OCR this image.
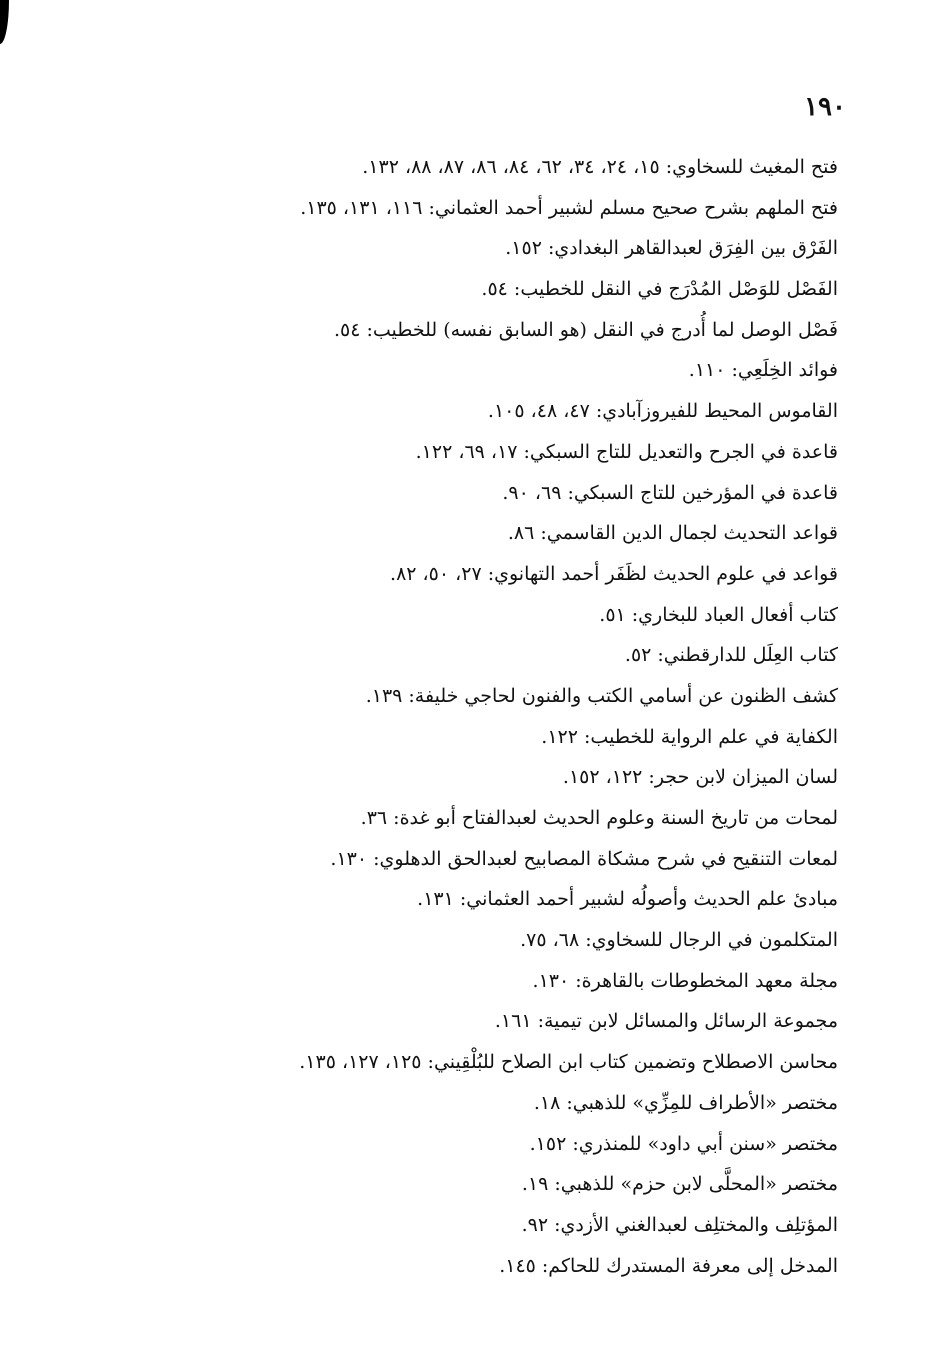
١٩٠
فتح المغيث للسخاوي: ١٥، ٢٤، ٣٤، ٦٢، ٨٤، ٨٦، ٨٧، ٨٨، ١٣٢.
فتح الملهم بشرح صحيح مسلم لشبير أحمد العثماني: ١١٦، ١٣١، ١٣٥.
الفَرْق بين الفِرَق لعبدالقاهر البغدادي: ١٥٢.
الفَصْل للوَصْل المُدْرَج في النقل للخطيب: ٥٤.
فَصْل الوصل لما أُدرج في النقل (هو السابق نفسه) للخطيب: ٥٤.
فوائد الخِلَعِي: ١١٠.
القاموس المحيط للفيروزآبادي: ٤٧، ٤٨، ١٠٥.
قاعدة في الجرح والتعديل للتاج السبكي: ١٧، ٦٩، ١٢٢.
قاعدة في المؤرخين للتاج السبكي: ٦٩، ٩٠.
قواعد التحديث لجمال الدين القاسمي: ٨٦.
قواعد في علوم الحديث لظَفَر أحمد التهانوي: ٢٧، ٥٠، ٨٢.
كتاب أفعال العباد للبخاري: ٥١.
كتاب العِلَل للدارقطني: ٥٢.
كشف الظنون عن أسامي الكتب والفنون لحاجي خليفة: ١٣٩.
الكفاية في علم الرواية للخطيب: ١٢٢.
لسان الميزان لابن حجر: ١٢٢، ١٥٢.
لمحات من تاريخ السنة وعلوم الحديث لعبدالفتاح أبو غدة: ٣٦.
لمعات التنقيح في شرح مشكاة المصابيح لعبدالحق الدهلوي: ١٣٠.
مبادئ علم الحديث وأصولُه لشبير أحمد العثماني: ١٣١.
المتكلمون في الرجال للسخاوي: ٦٨، ٧٥.
مجلة معهد المخطوطات بالقاهرة: ١٣٠.
مجموعة الرسائل والمسائل لابن تيمية: ١٦١.
محاسن الاصطلاح وتضمين كتاب ابن الصلاح للبُلْقِيني: ١٢٥، ١٢٧، ١٣٥.
مختصر «الأطراف للمِزِّي» للذهبي: ١٨.
مختصر «سنن أبي داود» للمنذري: ١٥٢.
مختصر «المحلَّى لابن حزم» للذهبي: ١٩.
المؤتلِف والمختلِف لعبدالغني الأزدي: ٩٢.
المدخل إلى معرفة المستدرك للحاكم: ١٤٥.
